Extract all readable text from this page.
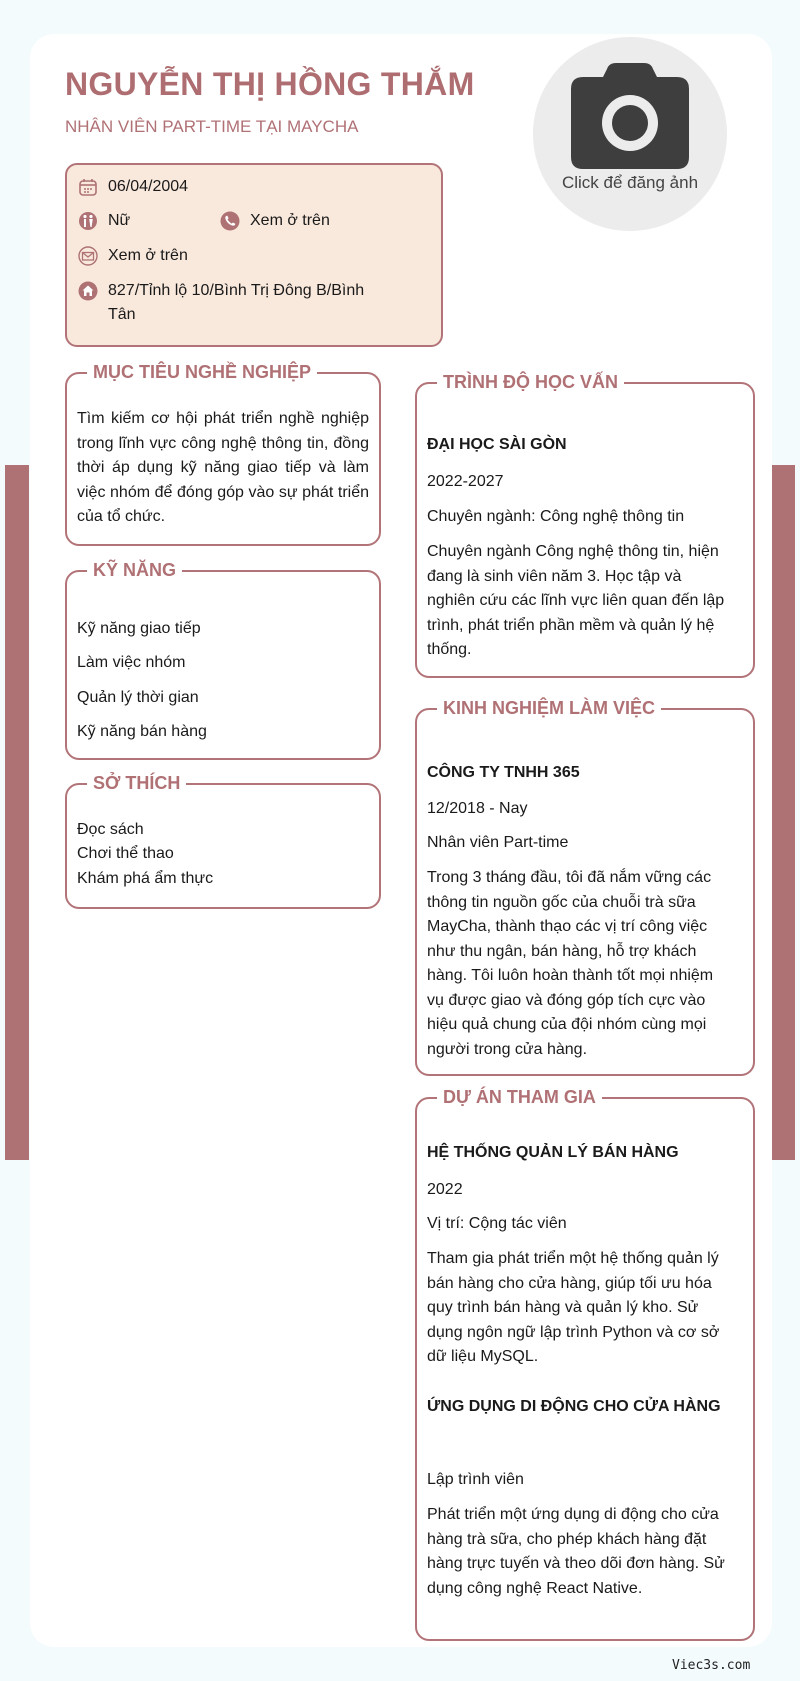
NGUYỄN THỊ HỒNG THẮM
NHÂN VIÊN PART-TIME TẠI MAYCHA
Click để đăng ảnh
06/04/2004
Nữ	Xem ở trên
Xem ở trên
827/Tỉnh lộ 10/Bình Trị Đông B/Bình
Tân
MỤC TIÊU NGHỀ NGHIỆP
Tìm kiếm cơ hội phát triển nghề nghiệp trong lĩnh vực công nghệ thông tin, đồng thời áp dụng kỹ năng giao tiếp và làm việc nhóm để đóng góp vào sự phát triển của tổ chức.
KỸ NĂNG
Kỹ năng giao tiếp
Làm việc nhóm
Quản lý thời gian
Kỹ năng bán hàng
SỞ THÍCH
Đọc sách
Chơi thể thao
Khám phá ẩm thực
TRÌNH ĐỘ HỌC VẤN
ĐẠI HỌC SÀI GÒN
2022-2027
Chuyên ngành: Công nghệ thông tin
Chuyên ngành Công nghệ thông tin, hiện đang là sinh viên năm 3. Học tập và nghiên cứu các lĩnh vực liên quan đến lập trình, phát triển phần mềm và quản lý hệ thống.
KINH NGHIỆM LÀM VIỆC
CÔNG TY TNHH 365
12/2018 - Nay
Nhân viên Part-time
Trong 3 tháng đầu, tôi đã nắm vững các thông tin nguồn gốc của chuỗi trà sữa MayCha, thành thạo các vị trí công việc như thu ngân, bán hàng, hỗ trợ khách hàng. Tôi luôn hoàn thành tốt mọi nhiệm vụ được giao và đóng góp tích cực vào hiệu quả chung của đội nhóm cùng mọi người trong cửa hàng.
DỰ ÁN THAM GIA
HỆ THỐNG QUẢN LÝ BÁN HÀNG
2022
Vị trí: Cộng tác viên
Tham gia phát triển một hệ thống quản lý bán hàng cho cửa hàng, giúp tối ưu hóa quy trình bán hàng và quản lý kho. Sử dụng ngôn ngữ lập trình Python và cơ sở dữ liệu MySQL.
ỨNG DỤNG DI ĐỘNG CHO CỬA HÀNG
Lập trình viên
Phát triển một ứng dụng di động cho cửa hàng trà sữa, cho phép khách hàng đặt hàng trực tuyến và theo dõi đơn hàng. Sử dụng công nghệ React Native.
Viec3s.com
